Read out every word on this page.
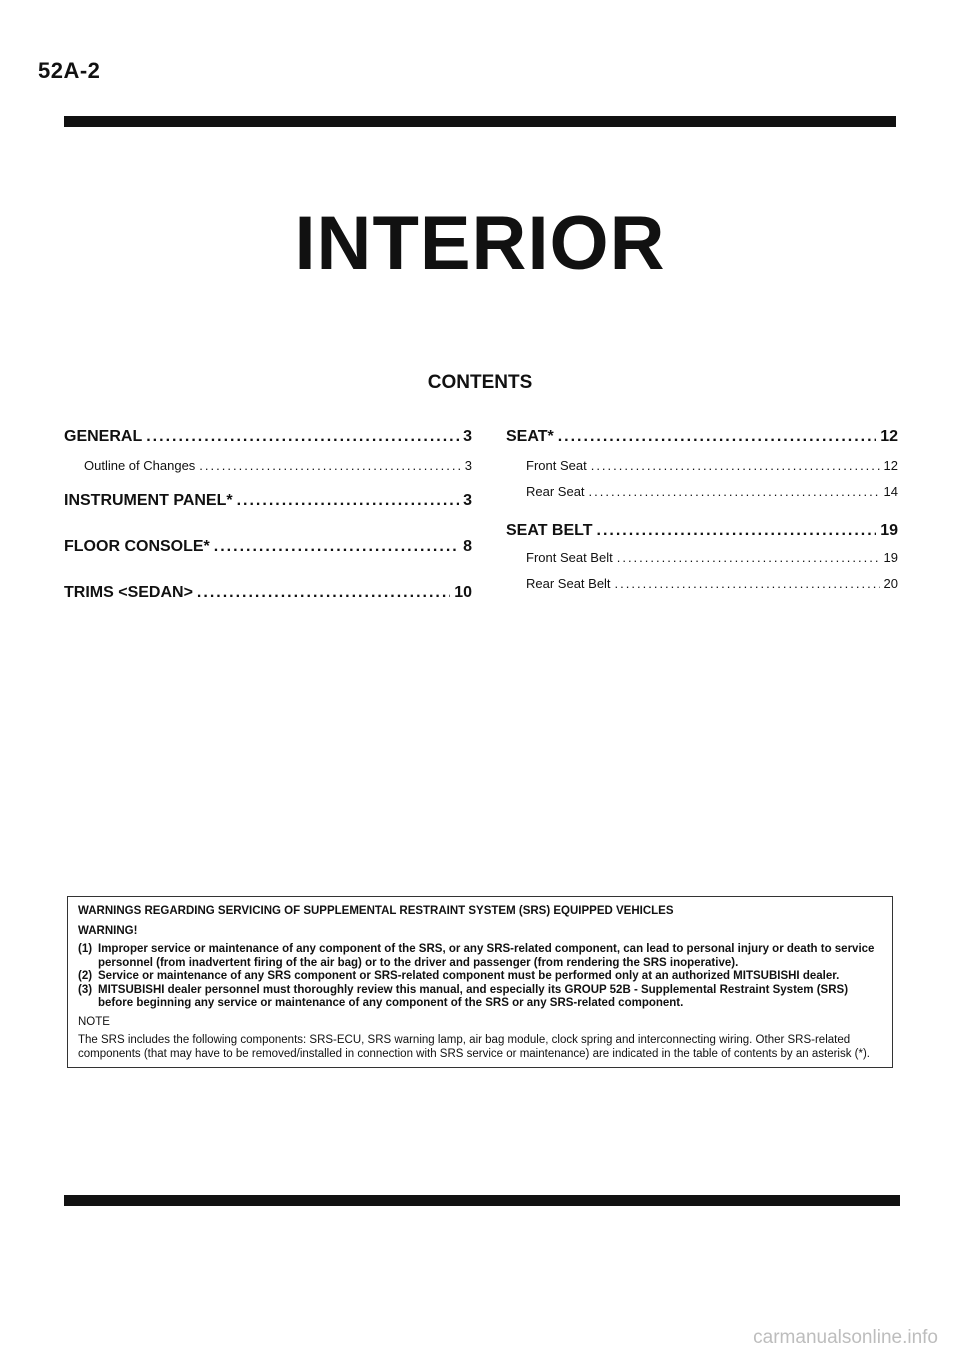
52A-2
INTERIOR
CONTENTS
GENERAL .....	3
Outline of Changes .....	3
INSTRUMENT PANEL* .....	3
FLOOR CONSOLE* .....	8
TRIMS <SEDAN> .....	10
SEAT* .....	12
Front Seat .....	12
Rear Seat .....	14
SEAT BELT .....	19
Front Seat Belt .....	19
Rear Seat Belt .....	20
WARNINGS REGARDING SERVICING OF SUPPLEMENTAL RESTRAINT SYSTEM (SRS) EQUIPPED VEHICLES
WARNING!
(1) Improper service or maintenance of any component of the SRS, or any SRS-related component, can lead to personal injury or death to service personnel (from inadvertent firing of the air bag) or to the driver and passenger (from rendering the SRS inoperative).
(2) Service or maintenance of any SRS component or SRS-related component must be performed only at an authorized MITSUBISHI dealer.
(3) MITSUBISHI dealer personnel must thoroughly review this manual, and especially its GROUP 52B - Supplemental Restraint System (SRS) before beginning any service or maintenance of any component of the SRS or any SRS-related component.
NOTE
The SRS includes the following components: SRS-ECU, SRS warning lamp, air bag module, clock spring and interconnecting wiring. Other SRS-related components (that may have to be removed/installed in connection with SRS service or maintenance) are indicated in the table of contents by an asterisk (*).
carmanualsonline.info
